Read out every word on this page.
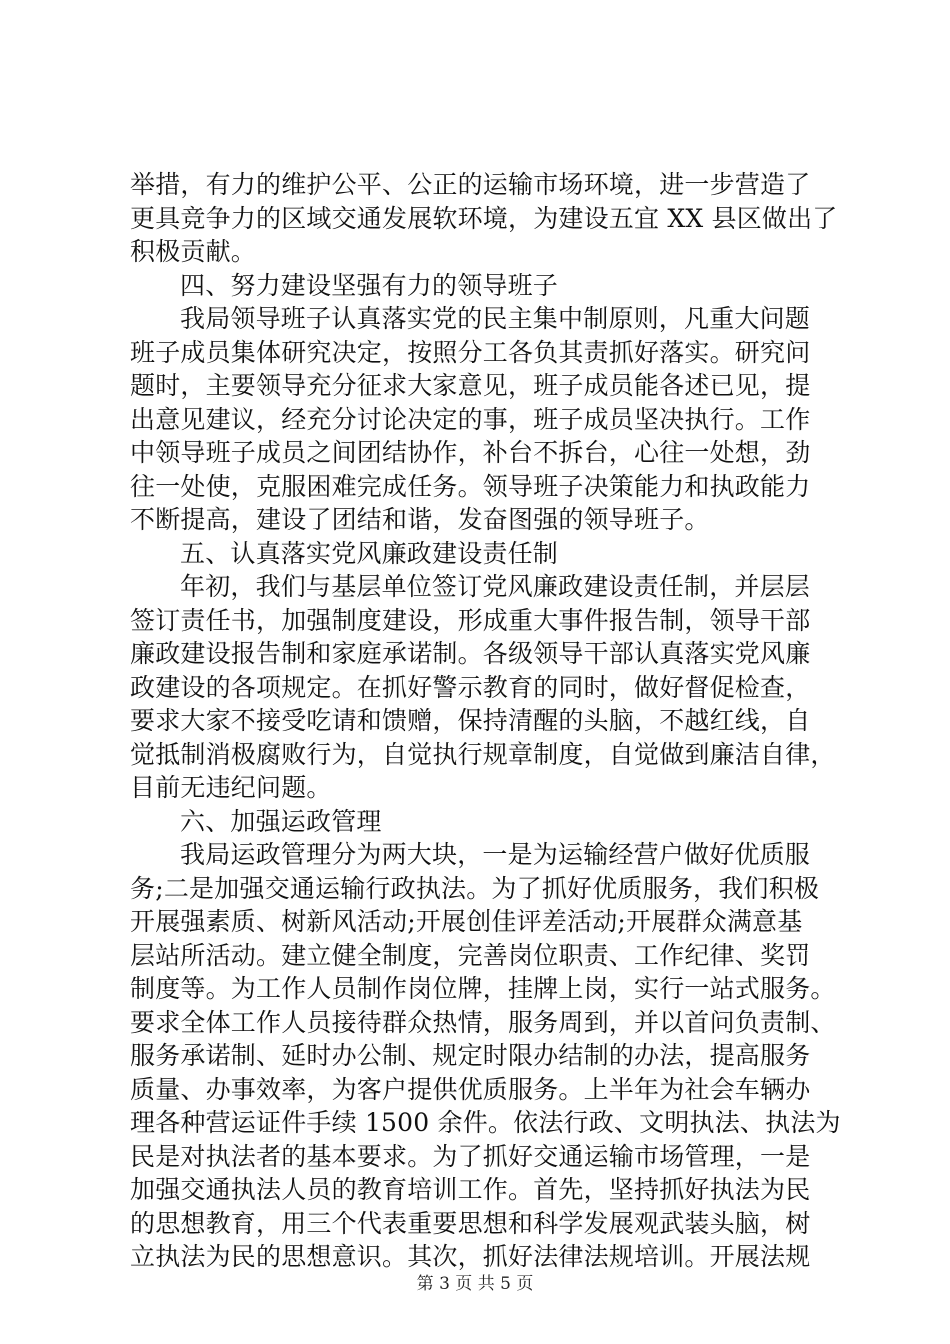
举措，有力的维护公平、公正的运输市场环境，进一步营造了
更具竞争力的区域交通发展软环境，为建设五宜 XX 县区做出了
积极贡献。
四、努力建设坚强有力的领导班子
我局领导班子认真落实党的民主集中制原则，凡重大问题
班子成员集体研究决定，按照分工各负其责抓好落实。研究问
题时，主要领导充分征求大家意见，班子成员能各述已见，提
出意见建议，经充分讨论决定的事，班子成员坚决执行。工作
中领导班子成员之间团结协作，补台不拆台，心往一处想，劲
往一处使，克服困难完成任务。领导班子决策能力和执政能力
不断提高，建设了团结和谐，发奋图强的领导班子。
五、认真落实党风廉政建设责任制
年初，我们与基层单位签订党风廉政建设责任制，并层层
签订责任书，加强制度建设，形成重大事件报告制，领导干部
廉政建设报告制和家庭承诺制。各级领导干部认真落实党风廉
政建设的各项规定。在抓好警示教育的同时，做好督促检查，
要求大家不接受吃请和馈赠，保持清醒的头脑，不越红线，自
觉抵制消极腐败行为，自觉执行规章制度，自觉做到廉洁自律，
目前无违纪问题。
六、加强运政管理
我局运政管理分为两大块，一是为运输经营户做好优质服
务;二是加强交通运输行政执法。为了抓好优质服务，我们积极
开展强素质、树新风活动;开展创佳评差活动;开展群众满意基
层站所活动。建立健全制度，完善岗位职责、工作纪律、奖罚
制度等。为工作人员制作岗位牌，挂牌上岗，实行一站式服务。
要求全体工作人员接待群众热情，服务周到，并以首问负责制、
服务承诺制、延时办公制、规定时限办结制的办法，提高服务
质量、办事效率，为客户提供优质服务。上半年为社会车辆办
理各种营运证件手续 1500 余件。依法行政、文明执法、执法为
民是对执法者的基本要求。为了抓好交通运输市场管理，一是
加强交通执法人员的教育培训工作。首先，坚持抓好执法为民
的思想教育，用三个代表重要思想和科学发展观武装头脑，树
立执法为民的思想意识。其次，抓好法律法规培训。开展法规
第 3 页 共 5 页
